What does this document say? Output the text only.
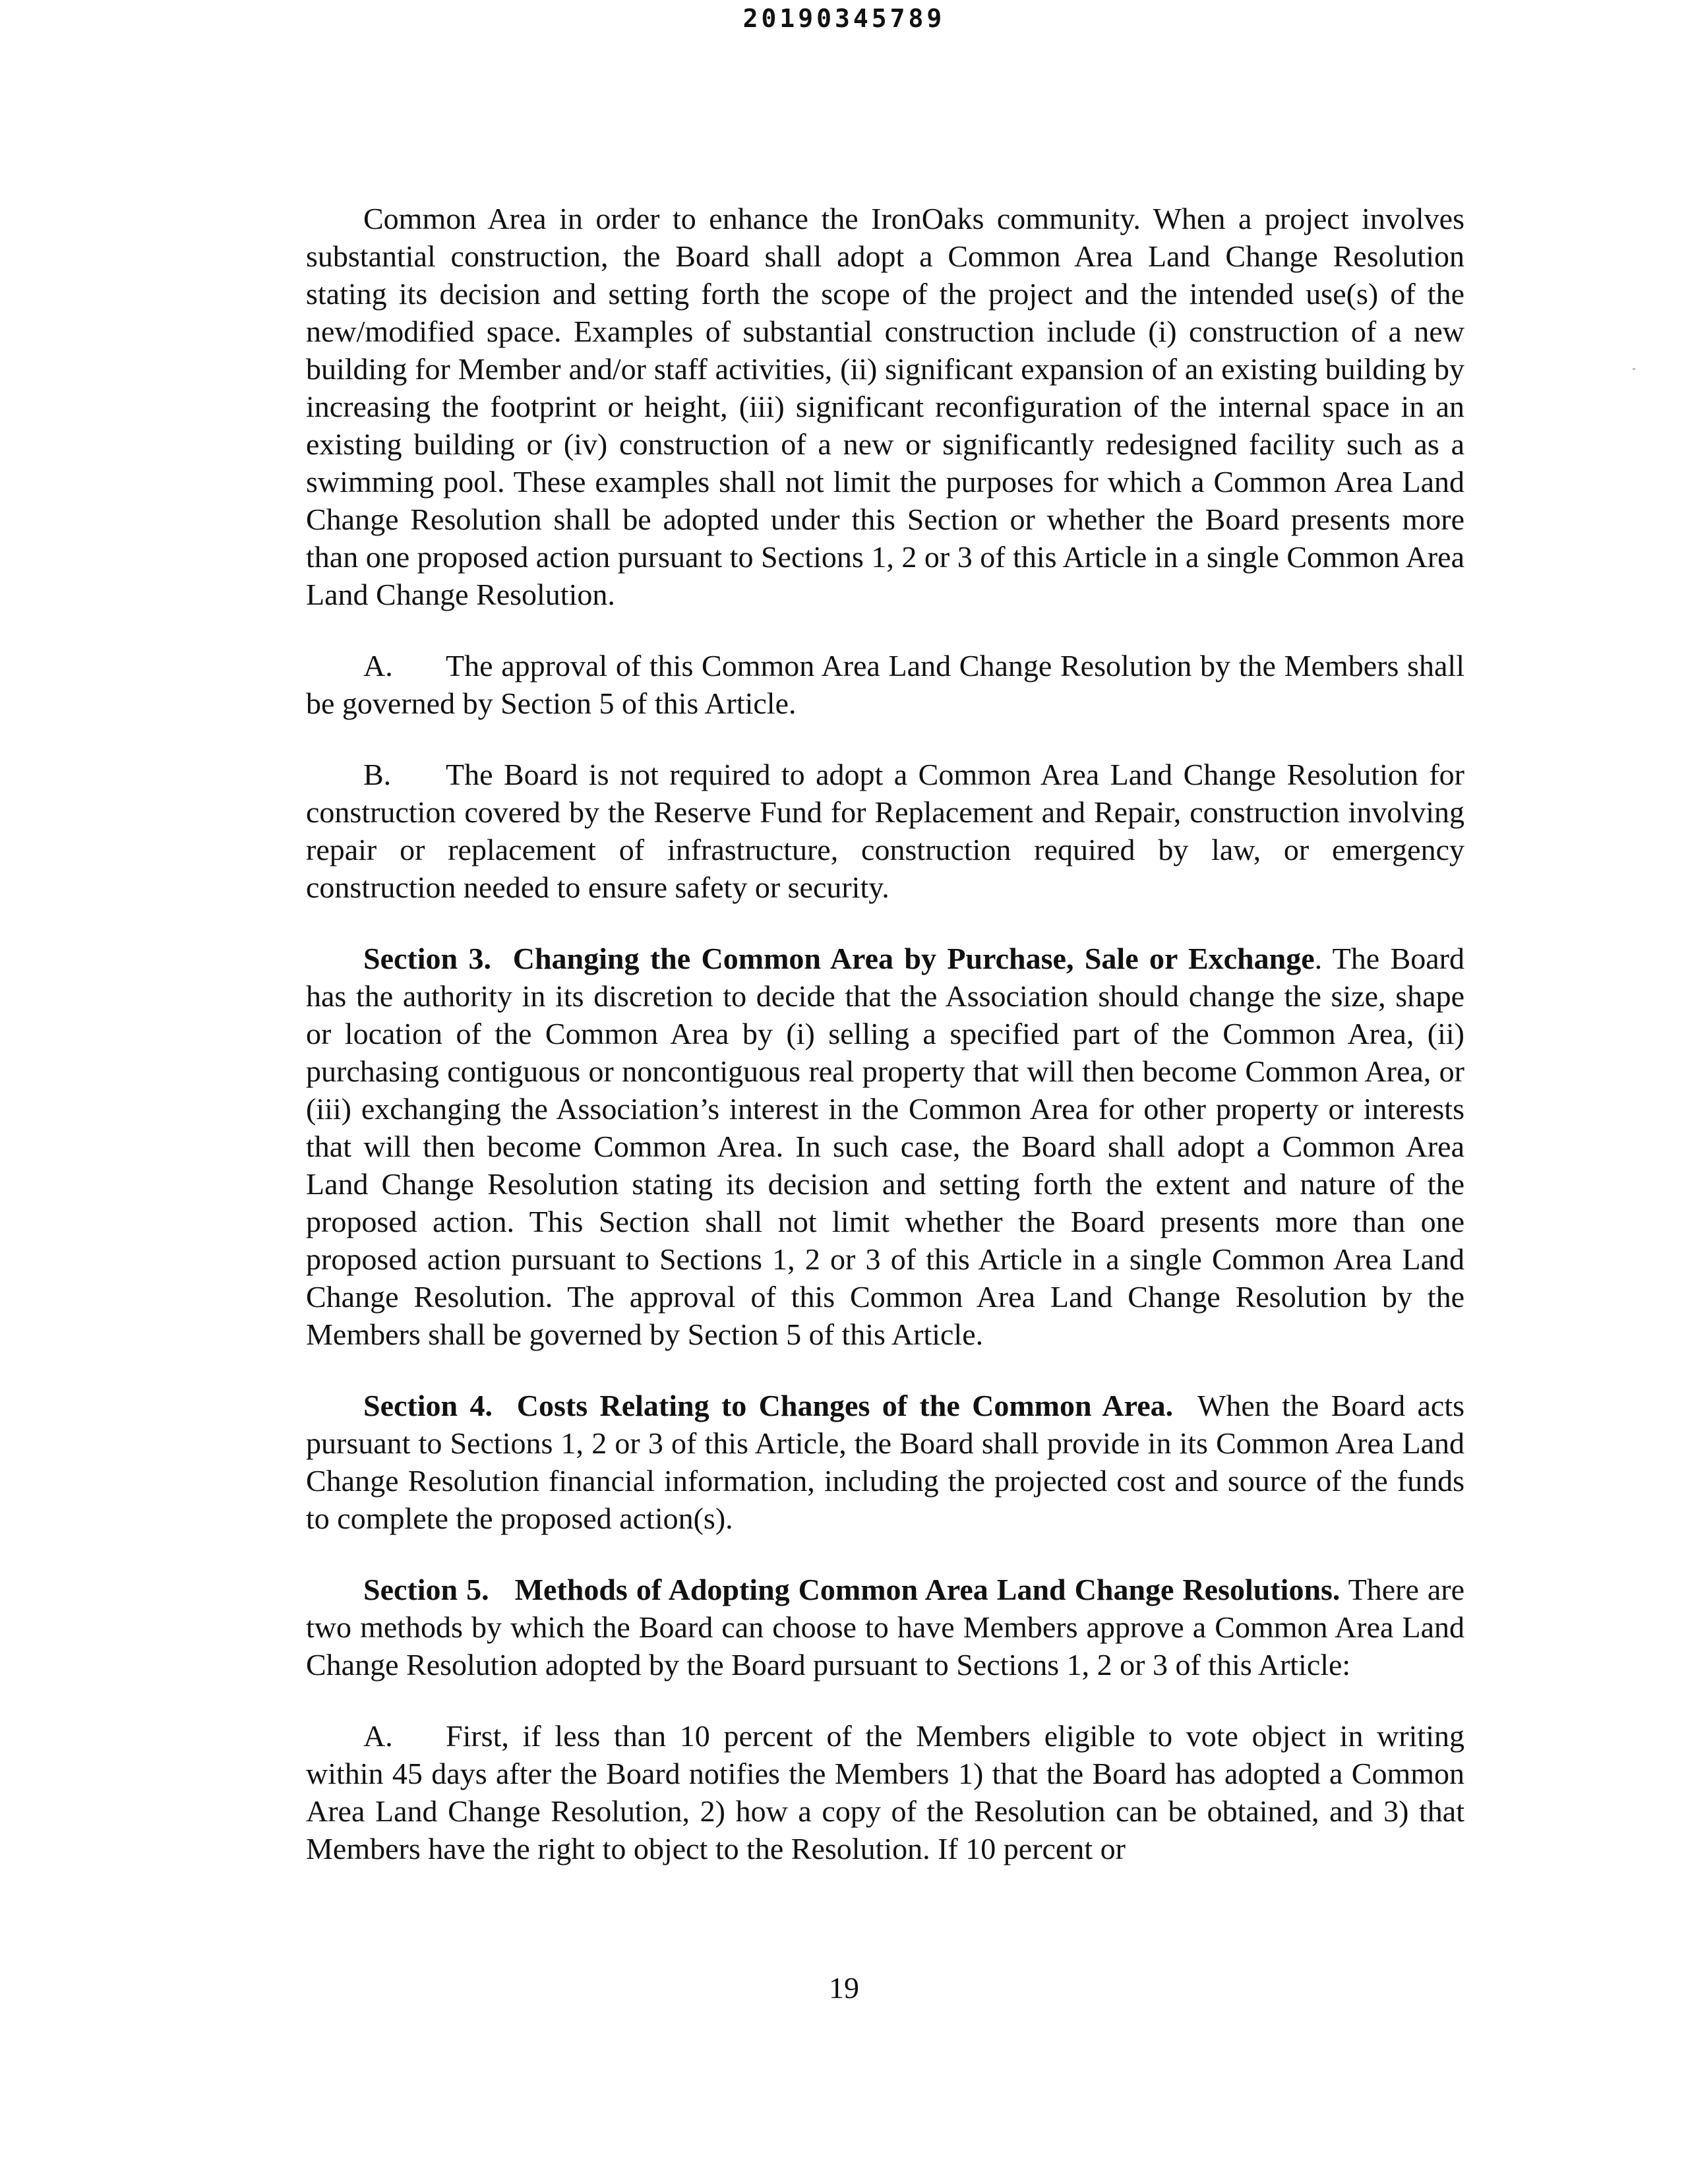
20190345789

Common Area in order to enhance the IronOaks community. When a project involves substantial construction, the Board shall adopt a Common Area Land Change Resolution stating its decision and setting forth the scope of the project and the intended use(s) of the new/modified space. Examples of substantial construction include (i) construction of a new building for Member and/or staff activities, (ii) significant expansion of an existing building by increasing the footprint or height, (iii) significant reconfiguration of the internal space in an existing building or (iv) construction of a new or significantly redesigned facility such as a swimming pool. These examples shall not limit the purposes for which a Common Area Land Change Resolution shall be adopted under this Section or whether the Board presents more than one proposed action pursuant to Sections 1, 2 or 3 of this Article in a single Common Area Land Change Resolution.

A. The approval of this Common Area Land Change Resolution by the Members shall be governed by Section 5 of this Article.

B. The Board is not required to adopt a Common Area Land Change Resolution for construction covered by the Reserve Fund for Replacement and Repair, construction involving repair or replacement of infrastructure, construction required by law, or emergency construction needed to ensure safety or security.

Section 3. Changing the Common Area by Purchase, Sale or Exchange. The Board has the authority in its discretion to decide that the Association should change the size, shape or location of the Common Area by (i) selling a specified part of the Common Area, (ii) purchasing contiguous or noncontiguous real property that will then become Common Area, or (iii) exchanging the Association’s interest in the Common Area for other property or interests that will then become Common Area. In such case, the Board shall adopt a Common Area Land Change Resolution stating its decision and setting forth the extent and nature of the proposed action. This Section shall not limit whether the Board presents more than one proposed action pursuant to Sections 1, 2 or 3 of this Article in a single Common Area Land Change Resolution. The approval of this Common Area Land Change Resolution by the Members shall be governed by Section 5 of this Article.

Section 4. Costs Relating to Changes of the Common Area. When the Board acts pursuant to Sections 1, 2 or 3 of this Article, the Board shall provide in its Common Area Land Change Resolution financial information, including the projected cost and source of the funds to complete the proposed action(s).

Section 5. Methods of Adopting Common Area Land Change Resolutions. There are two methods by which the Board can choose to have Members approve a Common Area Land Change Resolution adopted by the Board pursuant to Sections 1, 2 or 3 of this Article:

A. First, if less than 10 percent of the Members eligible to vote object in writing within 45 days after the Board notifies the Members 1) that the Board has adopted a Common Area Land Change Resolution, 2) how a copy of the Resolution can be obtained, and 3) that Members have the right to object to the Resolution. If 10 percent or

19
